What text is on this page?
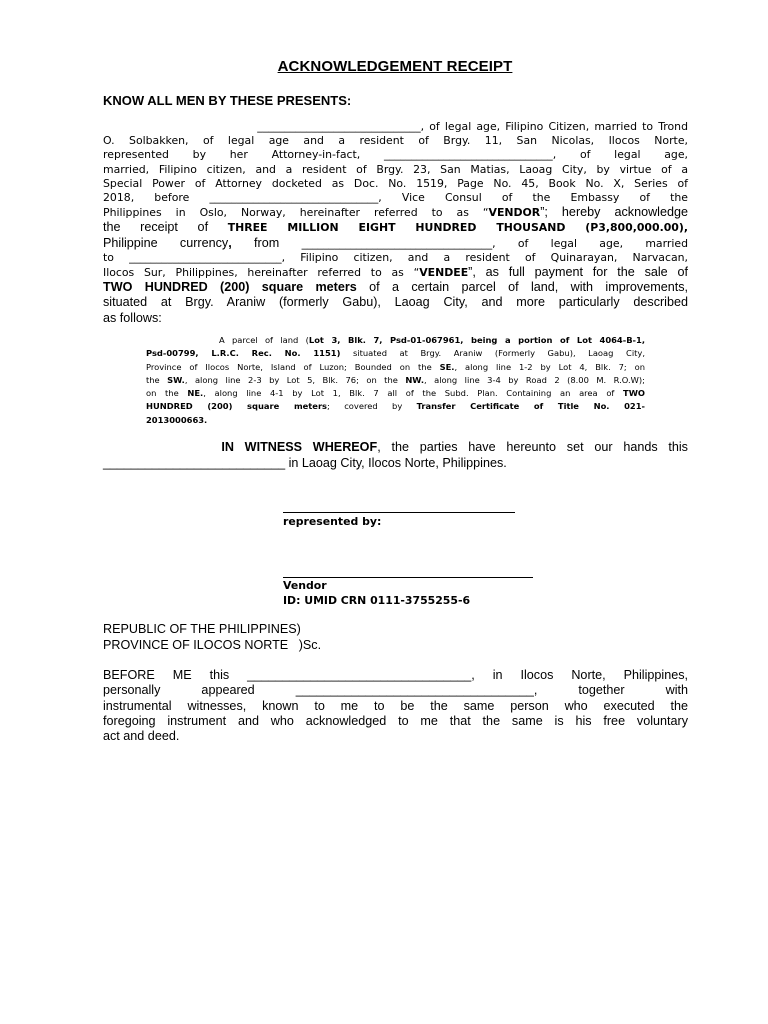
ACKNOWLEDGEMENT RECEIPT
KNOW ALL MEN BY THESE PRESENTS:
______________________________, of legal age, Filipino Citizen, married to Trond
O. Solbakken, of legal age and a resident of Brgy. 11, San Nicolas, Ilocos Norte,
represented by her Attorney-in-fact, _______________________________, of legal age,
married, Filipino citizen, and a resident of Brgy. 23, San Matias, Laoag City, by virtue of a
Special Power of Attorney docketed as Doc. No. 1519, Page No. 45, Book No. X, Series of
2018, before _______________________________, Vice Consul of the Embassy of the
Philippines in Oslo, Norway, hereinafter referred to as “VENDOR”; hereby acknowledge
the receipt of THREE MILLION EIGHT HUNDRED THOUSAND (P3,800,000.00),
Philippine currency, from ___________________________________, of legal age, married
to ____________________________, Filipino citizen, and a resident of Quinarayan, Narvacan,
Ilocos Sur, Philippines, hereinafter referred to as “VENDEE”, as full payment for the sale of
TWO HUNDRED (200) square meters of a certain parcel of land, with improvements,
situated at Brgy. Araniw (formerly Gabu), Laoag City, and more particularly described
as follows:
A parcel of land (Lot 3, Blk. 7, Psd-01-067961, being a portion of Lot 4064-B-1,
Psd-00799, L.R.C. Rec. No. 1151) situated at Brgy. Araniw (Formerly Gabu), Laoag City,
Province of Ilocos Norte, Island of Luzon; Bounded on the SE., along line 1-2 by Lot 4, Blk. 7; on
the SW., along line 2-3 by Lot 5, Blk. 76; on the NW., along line 3-4 by Road 2 (8.00 M. R.O.W);
on the NE., along line 4-1 by Lot 1, Blk. 7 all of the Subd. Plan. Containing an area of TWO
HUNDRED (200) square meters; covered by Transfer Certificate of Title No. 021-
2013000663.
IN WITNESS WHEREOF, the parties have hereunto set our hands this
__________________________ in Laoag City, Ilocos Norte, Philippines.
represented by:
Vendor
ID: UMID CRN 0111-3755255-6
REPUBLIC OF THE PHILIPPINES)
PROVINCE OF ILOCOS NORTE   )Sc.
BEFORE ME this ________________________________, in Ilocos Norte, Philippines,
personally    appeared    __________________________________,    together    with
instrumental witnesses, known to me to be the same person who executed the
foregoing instrument and who acknowledged to me that the same is his free voluntary
act and deed.
